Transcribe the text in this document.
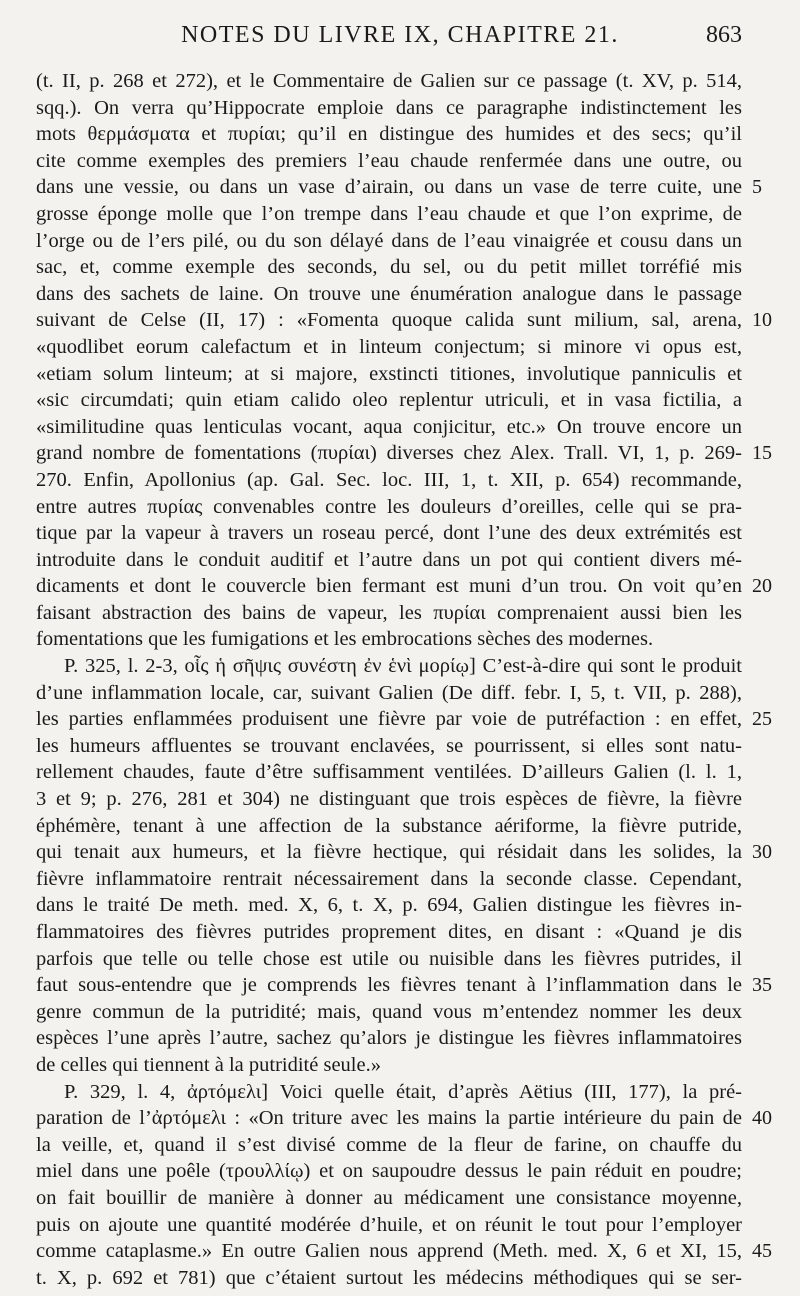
NOTES DU LIVRE IX, CHAPITRE 21.	863
(t. II, p. 268 et 272), et le Commentaire de Galien sur ce passage (t. XV, p. 514,
sqq.). On verra qu’Hippocrate emploie dans ce paragraphe indistinctement les
mots θερμάσματα et πυρίαι; qu’il en distingue des humides et des secs; qu’il
cite comme exemples des premiers l’eau chaude renfermée dans une outre, ou
dans une vessie, ou dans un vase d’airain, ou dans un vase de terre cuite, une
grosse éponge molle que l’on trempe dans l’eau chaude et que l’on exprime, de
l’orge ou de l’ers pilé, ou du son délayé dans de l’eau vinaigrée et cousu dans un
sac, et, comme exemple des seconds, du sel, ou du petit millet torréfié mis
dans des sachets de laine. On trouve une énumération analogue dans le passage
suivant de Celse (II, 17) : «Fomenta quoque calida sunt milium, sal, arena,
«quodlibet eorum calefactum et in linteum conjectum; si minore vi opus est,
«etiam solum linteum; at si majore, exstincti titiones, involutique panniculis et
«sic circumdati; quin etiam calido oleo replentur utriculi, et in vasa fictilia, a
«similitudine quas lenticulas vocant, aqua conjicitur, etc.» On trouve encore un
grand nombre de fomentations (πυρίαι) diverses chez Alex. Trall. VI, 1, p. 269-
270. Enfin, Apollonius (ap. Gal. Sec. loc. III, 1, t. XII, p. 654) recommande,
entre autres πυρίας convenables contre les douleurs d’oreilles, celle qui se pra-
tique par la vapeur à travers un roseau percé, dont l’une des deux extrémités est
introduite dans le conduit auditif et l’autre dans un pot qui contient divers mé-
dicaments et dont le couvercle bien fermant est muni d’un trou. On voit qu’en
faisant abstraction des bains de vapeur, les πυρίαι comprenaient aussi bien les
fomentations que les fumigations et les embrocations sèches des modernes.
P. 325, l. 2-3, οἷς ἡ σῆψις συνέστη ἐν ἑνὶ μορίῳ] C’est-à-dire qui sont le produit
d’une inflammation locale, car, suivant Galien (De diff. febr. I, 5, t. VII, p. 288),
les parties enflammées produisent une fièvre par voie de putréfaction : en effet,
les humeurs affluentes se trouvant enclavées, se pourrissent, si elles sont natu-
rellement chaudes, faute d’être suffisamment ventilées. D’ailleurs Galien (l. l. 1,
3 et 9; p. 276, 281 et 304) ne distinguant que trois espèces de fièvre, la fièvre
éphémère, tenant à une affection de la substance aériforme, la fièvre putride,
qui tenait aux humeurs, et la fièvre hectique, qui résidait dans les solides, la
fièvre inflammatoire rentrait nécessairement dans la seconde classe. Cependant,
dans le traité De meth. med. X, 6, t. X, p. 694, Galien distingue les fièvres in-
flammatoires des fièvres putrides proprement dites, en disant : «Quand je dis
parfois que telle ou telle chose est utile ou nuisible dans les fièvres putrides, il
faut sous-entendre que je comprends les fièvres tenant à l’inflammation dans le
genre commun de la putridité; mais, quand vous m’entendez nommer les deux
espèces l’une après l’autre, sachez qu’alors je distingue les fièvres inflammatoires
de celles qui tiennent à la putridité seule.»
P. 329, l. 4, ἀρτόμελι] Voici quelle était, d’après Aëtius (III, 177), la pré-
paration de l’ἀρτόμελι : «On triture avec les mains la partie intérieure du pain de
la veille, et, quand il s’est divisé comme de la fleur de farine, on chauffe du
miel dans une poêle (τρουλλίῳ) et on saupoudre dessus le pain réduit en poudre;
on fait bouillir de manière à donner au médicament une consistance moyenne,
puis on ajoute une quantité modérée d’huile, et on réunit le tout pour l’employer
comme cataplasme.» En outre Galien nous apprend (Meth. med. X, 6 et XI, 15,
t. X, p. 692 et 781) que c’étaient surtout les médecins méthodiques qui se ser-
5
10
15
20
25
30
35
40
45
